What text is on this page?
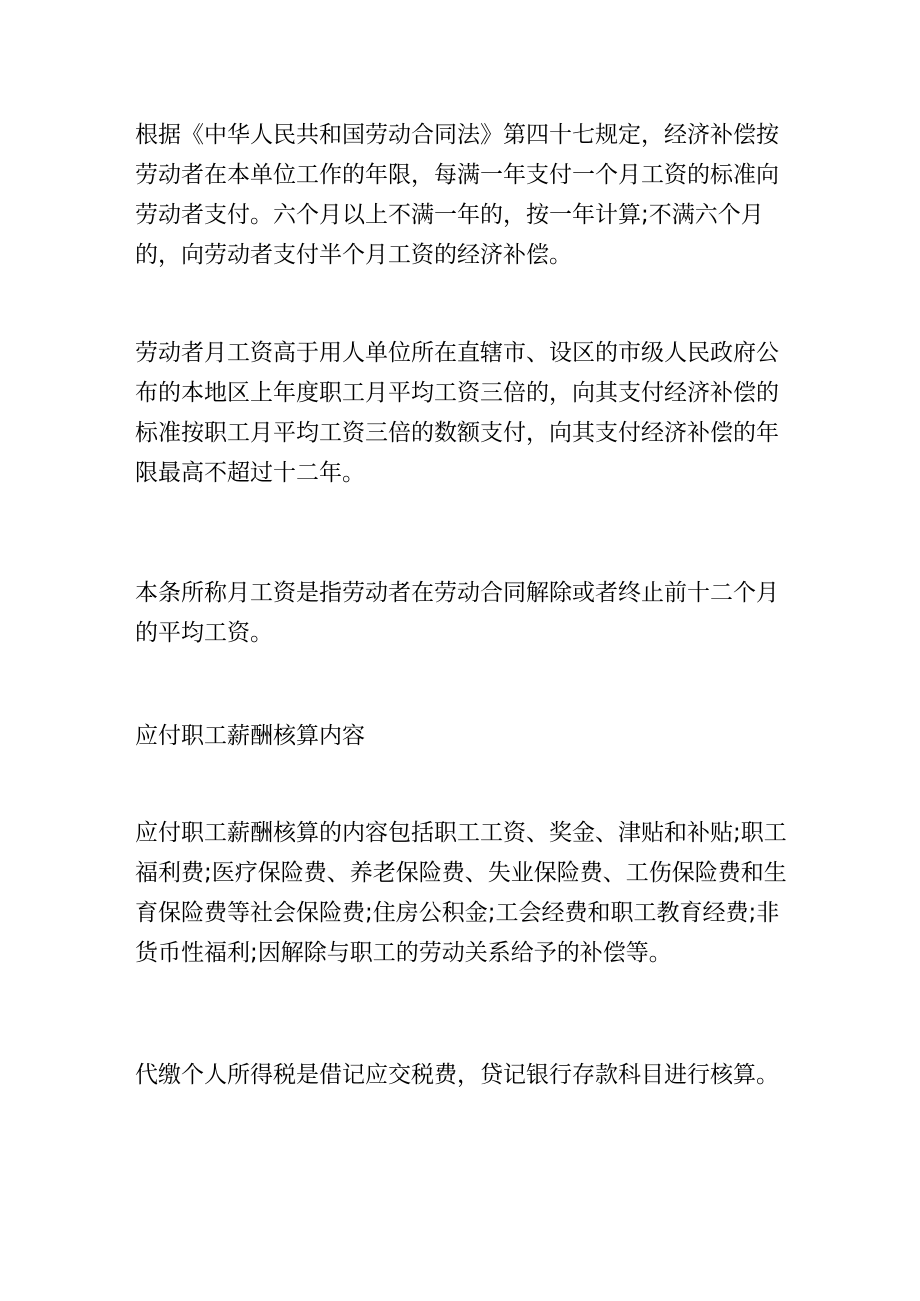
根据《中华人民共和国劳动合同法》第四十七规定，经济补偿按劳动者在本单位工作的年限，每满一年支付一个月工资的标准向劳动者支付。六个月以上不满一年的，按一年计算;不满六个月的，向劳动者支付半个月工资的经济补偿。

劳动者月工资高于用人单位所在直辖市、设区的市级人民政府公布的本地区上年度职工月平均工资三倍的，向其支付经济补偿的标准按职工月平均工资三倍的数额支付，向其支付经济补偿的年限最高不超过十二年。

本条所称月工资是指劳动者在劳动合同解除或者终止前十二个月的平均工资。

应付职工薪酬核算内容

应付职工薪酬核算的内容包括职工工资、奖金、津贴和补贴;职工福利费;医疗保险费、养老保险费、失业保险费、工伤保险费和生育保险费等社会保险费;住房公积金;工会经费和职工教育经费;非货币性福利;因解除与职工的劳动关系给予的补偿等。

代缴个人所得税是借记应交税费，贷记银行存款科目进行核算。
